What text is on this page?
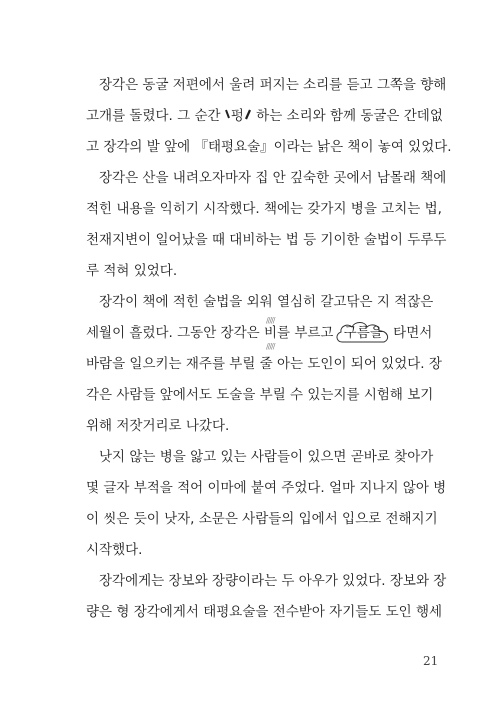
장각은 동굴 저편에서 울려 퍼지는 소리를 듣고 그쪽을 향해
고개를 돌렸다. 그 순간 펑 하는 소리와 함께 동굴은 간데없
고 장각의 발 앞에 『태평요술』이라는 낡은 책이 놓여 있었다.
장각은 산을 내려오자마자 집 안 깊숙한 곳에서 남몰래 책에
적힌 내용을 익히기 시작했다. 책에는 갖가지 병을 고치는 법,
천재지변이 일어났을 때 대비하는 법 등 기이한 술법이 두루두
루 적혀 있었다.
장각이 책에 적힌 술법을 외워 열심히 갈고닦은 지 적잖은
세월이 흘렀다. 그동안 장각은
/////
비를
/////
부르고
구름을 타면서
바람을 일으키는 재주를 부릴 줄 아는 도인이 되어 있었다. 장
각은 사람들 앞에서도 도술을 부릴 수 있는지를 시험해 보기
위해 저잣거리로 나갔다.
낫지 않는 병을 앓고 있는 사람들이 있으면 곧바로 찾아가
몇 글자 부적을 적어 이마에 붙여 주었다. 얼마 지나지 않아 병
이 씻은 듯이 낫자, 소문은 사람들의 입에서 입으로 전해지기
시작했다.
장각에게는 장보와 장량이라는 두 아우가 있었다. 장보와 장
량은 형 장각에게서 태평요술을 전수받아 자기들도 도인 행세
21
